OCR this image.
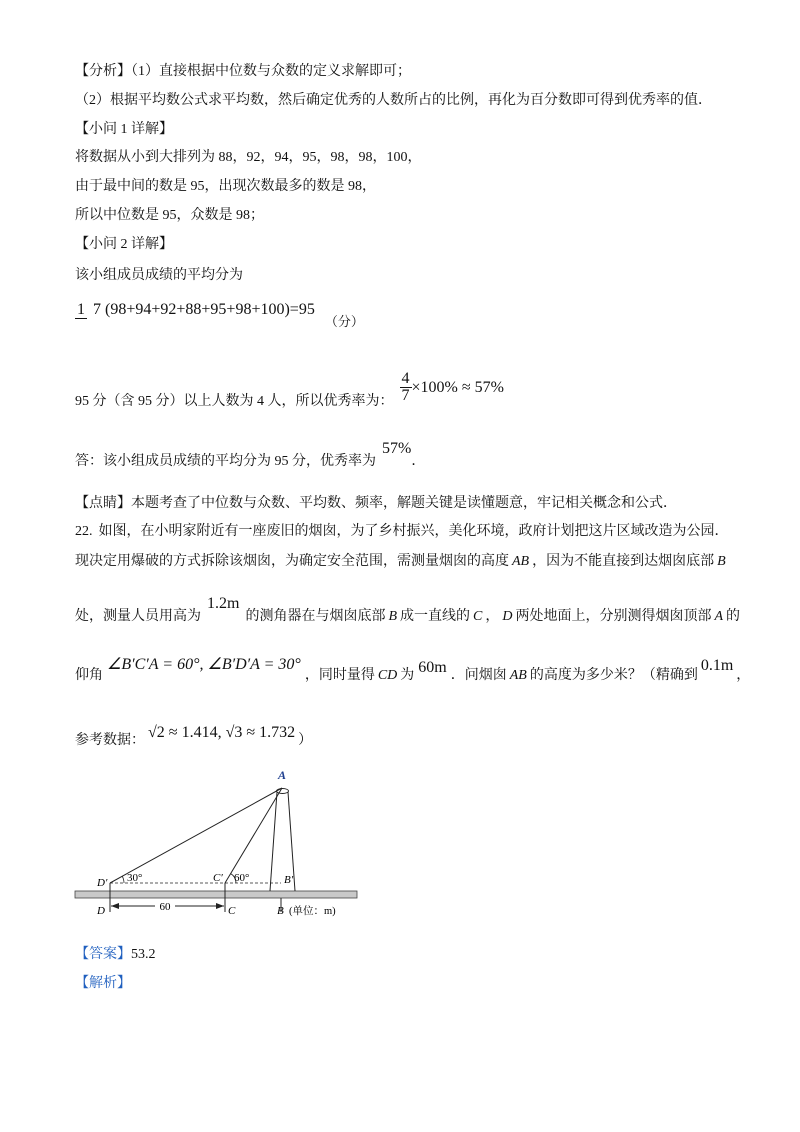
【分析】（1）直接根据中位数与众数的定义求解即可；
（2）根据平均数公式求平均数，然后确定优秀的人数所占的比例，再化为百分数即可得到优秀率的值．
【小问 1 详解】
将数据从小到大排列为 88，92，94，95，98，98，100，
由于最中间的数是 95，出现次数最多的数是 98，
所以中位数是 95，众数是 98；
【小问 2 详解】
该小组成员成绩的平均分为
1 7 (98+94+92+88+95+98+100)=95
（分）
95 分（含 95 分）以上人数为 4 人，所以优秀率为： $\frac{4}{7} \times 100\% \approx 57\%$
答：该小组成员成绩的平均分为 95 分，优秀率为
57%
．
【点睛】本题考查了中位数与众数、平均数、频率，解题关键是读懂题意，牢记相关概念和公式．
22. 如图，在小明家附近有一座废旧的烟囱，为了乡村振兴，美化环境，政府计划把这片区域改造为公园．
现决定用爆破的方式拆除该烟囱，为确定安全范围，需测量烟囱的高度 AB ，因为不能直接到达烟囱底部 B
处，测量人员用高为
1.2m
的测角器在与烟囱底部 B 成一直线的 C ， D 两处地面上，分别测得烟囱顶部 A 的
仰角
∠B′C′A = 60°, ∠B′D′A = 30°
，同时量得 CD 为 60m ．问烟囱 AB 的高度为多少米？（精确到
0.1m
，
参考数据： √2 ≈ 1.414, √3 ≈ 1.732 ）
A
D′ 30°	C′ 60°	B′
D	60	C	B (单位：m)
【答案】53.2
【解析】
